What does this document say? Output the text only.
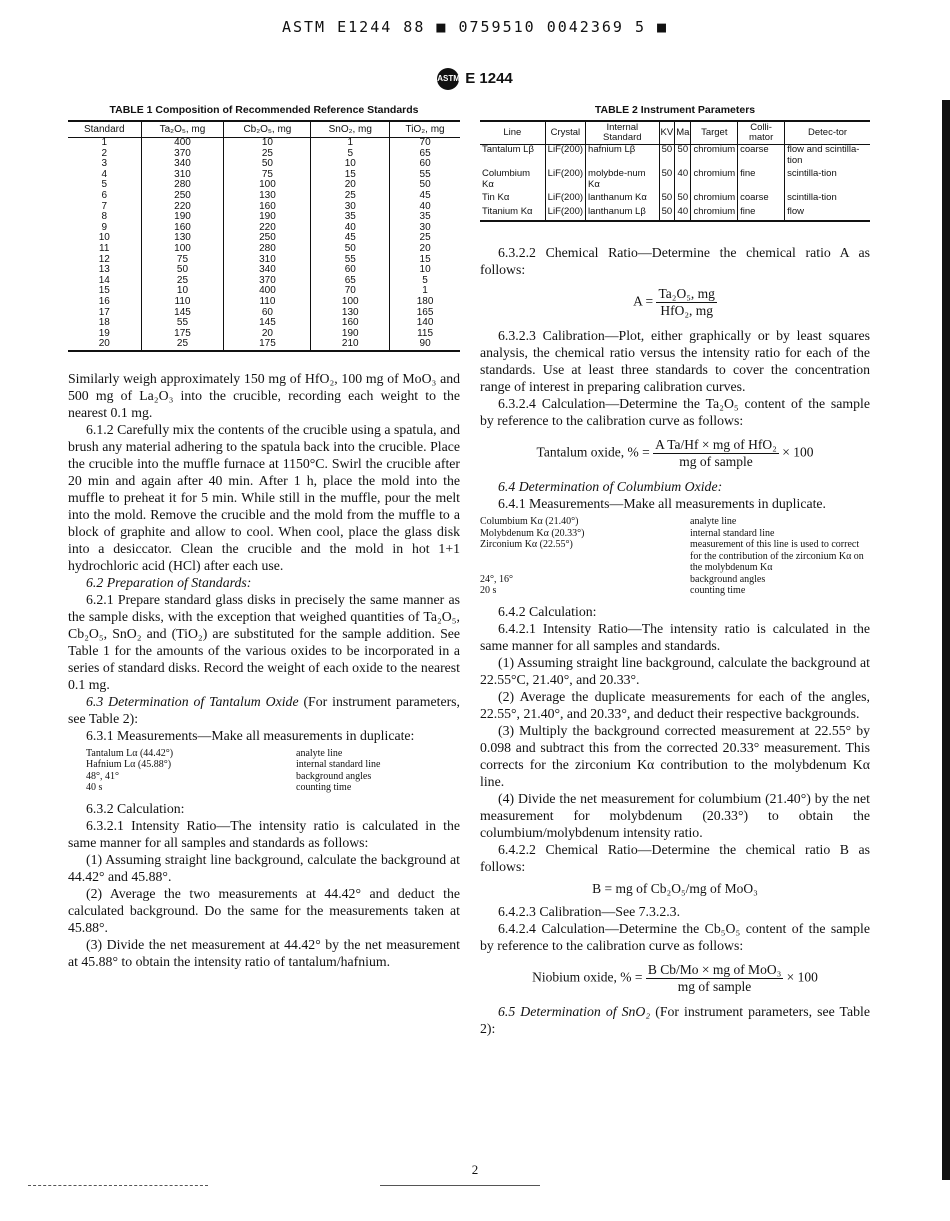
ASTM E1244 88 ■ 0759510 0042369 5 ■
ASTM E 1244
TABLE 1 Composition of Recommended Reference Standards
Standard	Ta₂O₅, mg	Cb₂O₅, mg	SnO₂, mg	TiO₂, mg
1	400	10	1	70
2	370	25	5	65
3	340	50	10	60
4	310	75	15	55
5	280	100	20	50
6	250	130	25	45
7	220	160	30	40
8	190	190	35	35
9	160	220	40	30
10	130	250	45	25
11	100	280	50	20
12	75	310	55	15
13	50	340	60	10
14	25	370	65	5
15	10	400	70	1
16	110	110	100	180
17	145	60	130	165
18	55	145	160	140
19	175	20	190	115
20	25	175	210	90

Similarly weigh approximately 150 mg of HfO₂, 100 mg of MoO₃ and 500 mg of La₂O₃ into the crucible, recording each weight to the nearest 0.1 mg.

6.1.2 Carefully mix the contents of the crucible using a spatula, and brush any material adhering to the spatula back into the crucible. Place the crucible into the muffle furnace at 1150°C. Swirl the crucible after 20 min and again after 40 min. After 1 h, place the mold into the muffle to preheat it for 5 min. While still in the muffle, pour the melt into the mold. Remove the crucible and the mold from the muffle to a block of graphite and allow to cool. When cool, place the glass disk into a desiccator. Clean the crucible and the mold in hot 1+1 hydrochloric acid (HCl) after each use.

6.2 Preparation of Standards:

6.2.1 Prepare standard glass disks in precisely the same manner as the sample disks, with the exception that weighed quantities of Ta₂O₅, Cb₂O₅, SnO₂ and (TiO₂) are substituted for the sample addition. See Table 1 for the amounts of the various oxides to be incorporated in a series of standard disks. Record the weight of each oxide to the nearest 0.1 mg.

6.3 Determination of Tantalum Oxide (For instrument parameters, see Table 2):

6.3.1 Measurements—Make all measurements in duplicate:

Tantalum Lα (44.42°)	analyte line
Hafnium Lα (45.88°)	internal standard line
48°, 41°	background angles
40 s	counting time

6.3.2 Calculation:

6.3.2.1 Intensity Ratio—The intensity ratio is calculated in the same manner for all samples and standards as follows:

(1) Assuming straight line background, calculate the background at 44.42° and 45.88°.

(2) Average the two measurements at 44.42° and deduct the calculated background. Do the same for the measurements taken at 45.88°.

(3) Divide the net measurement at 44.42° by the net measurement at 45.88° to obtain the intensity ratio of tantalum/hafnium.

TABLE 2 Instrument Parameters
Line	Crystal	Internal Standard	KV	Ma	Target	Colli-mator	Detec-tor
Tantalum Lβ	LiF(200)	hafnium Lβ	50	50	chromium	coarse	flow and scintilla-tion
Columbium Kα	LiF(200)	molybde-num Kα	50	40	chromium	fine	scintilla-tion
Tin Kα	LiF(200)	lanthanum Kα	50	50	chromium	coarse	scintilla-tion
Titanium Kα	LiF(200)	lanthanum Lβ	50	40	chromium	fine	flow

6.3.2.2 Chemical Ratio—Determine the chemical ratio A as follows:

$A = \frac{\text{Ta₂O₅, mg}}{\text{HfO₂, mg}}$

6.3.2.3 Calibration—Plot, either graphically or by least squares analysis, the chemical ratio versus the intensity ratio for each of the standards. Use at least three standards to cover the concentration range of interest in preparing calibration curves.

6.3.2.4 Calculation—Determine the Ta₂O₅ content of the sample by reference to the calibration curve as follows:

Tantalum oxide, % = $\frac{\text{A Ta/Hf × mg of HfO₂}}{\text{mg of sample}} \times 100$

6.4 Determination of Columbium Oxide:

6.4.1 Measurements—Make all measurements in duplicate.

Columbium Kα (21.40°)	analyte line
Molybdenum Kα (20.33°)	internal standard line
Zirconium Kα (22.55°)	measurement of this line is used to correct for the contribution of the zirconium Kα on the molybdenum Kα
24°, 16°	background angles
20 s	counting time

6.4.2 Calculation:

6.4.2.1 Intensity Ratio—The intensity ratio is calculated in the same manner for all samples and standards.

(1) Assuming straight line background, calculate the background at 22.55°C, 21.40°, and 20.33°.

(2) Average the duplicate measurements for each of the angles, 22.55°, 21.40°, and 20.33°, and deduct their respective backgrounds.

(3) Multiply the background corrected measurement at 22.55° by 0.098 and subtract this from the corrected 20.33° measurement. This corrects for the zirconium Kα contribution to the molybdenum Kα line.

(4) Divide the net measurement for columbium (21.40°) by the net measurement for molybdenum (20.33°) to obtain the columbium/molybdenum intensity ratio.

6.4.2.2 Chemical Ratio—Determine the chemical ratio B as follows:

B = mg of Cb₂O₅/mg of MoO₃

6.4.2.3 Calibration—See 7.3.2.3.

6.4.2.4 Calculation—Determine the Cb₅O₅ content of the sample by reference to the calibration curve as follows:

Niobium oxide, % = $\frac{\text{B Cb/Mo × mg of MoO₃}}{\text{mg of sample}} \times 100$

6.5 Determination of SnO₂ (For instrument parameters, see Table 2):

2
